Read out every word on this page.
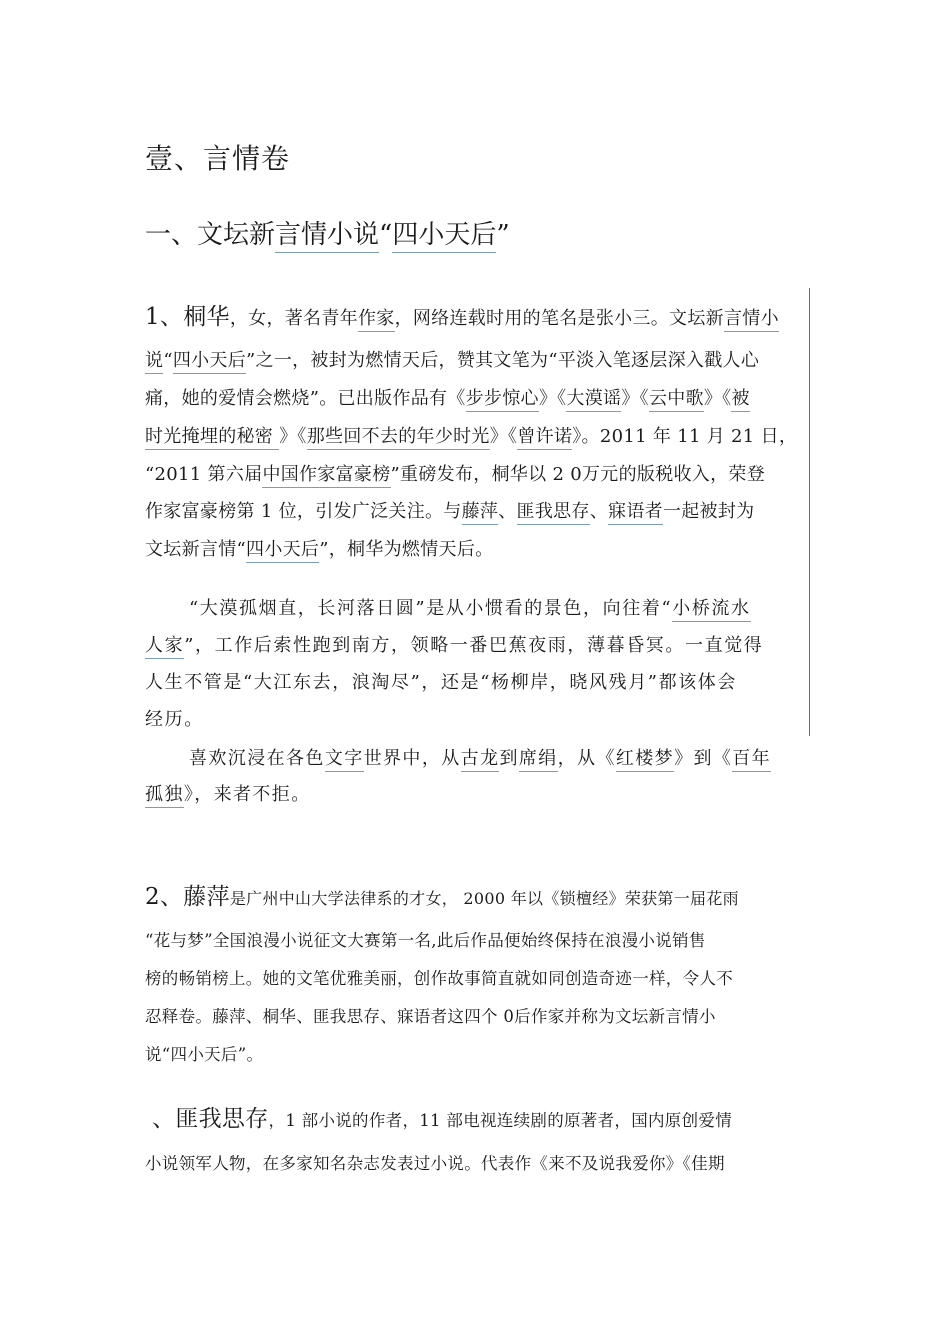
壹、言情卷
一、文坛新言情小说“四小天后”
1、桐华，女，著名青年作家，网络连载时用的笔名是张小三。文坛新言情小
说“四小天后”之一，被封为燃情天后，赞其文笔为“平淡入笔逐层深入戳人心
痛，她的爱情会燃烧”。已出版作品有《步步惊心》《大漠谣》《云中歌》《被
时光掩埋的秘密 》《那些回不去的年少时光》《曾许诺》。2011 年 11 月 21 日，
“2011 第六届中国作家富豪榜”重磅发布，桐华以 2 0万元的版税收入，荣登
作家富豪榜第 1 位，引发广泛关注。与藤萍、匪我思存、寐语者一起被封为
文坛新言情“四小天后”，桐华为燃情天后。
“大漠孤烟直，长河落日圆”是从小惯看的景色，向往着“小桥流水
人家”，工作后索性跑到南方，领略一番巴蕉夜雨，薄暮昏冥。一直觉得
人生不管是“大江东去，浪淘尽”，还是“杨柳岸，晓风残月”都该体会
经历。
喜欢沉浸在各色文字世界中，从古龙到席绢，从《红楼梦》到《百年
孤独》，来者不拒。
2、藤萍是广州中山大学法律系的才女， 2000 年以《锁檀经》荣获第一届花雨
“花与梦”全国浪漫小说征文大赛第一名,此后作品便始终保持在浪漫小说销售
榜的畅销榜上。她的文笔优雅美丽，创作故事简直就如同创造奇迹一样，令人不
忍释卷。藤萍、桐华、匪我思存、寐语者这四个 0后作家并称为文坛新言情小
说“四小天后”。
、匪我思存，1 部小说的作者，11 部电视连续剧的原著者，国内原创爱情
小说领军人物，在多家知名杂志发表过小说。代表作《来不及说我爱你》《佳期
